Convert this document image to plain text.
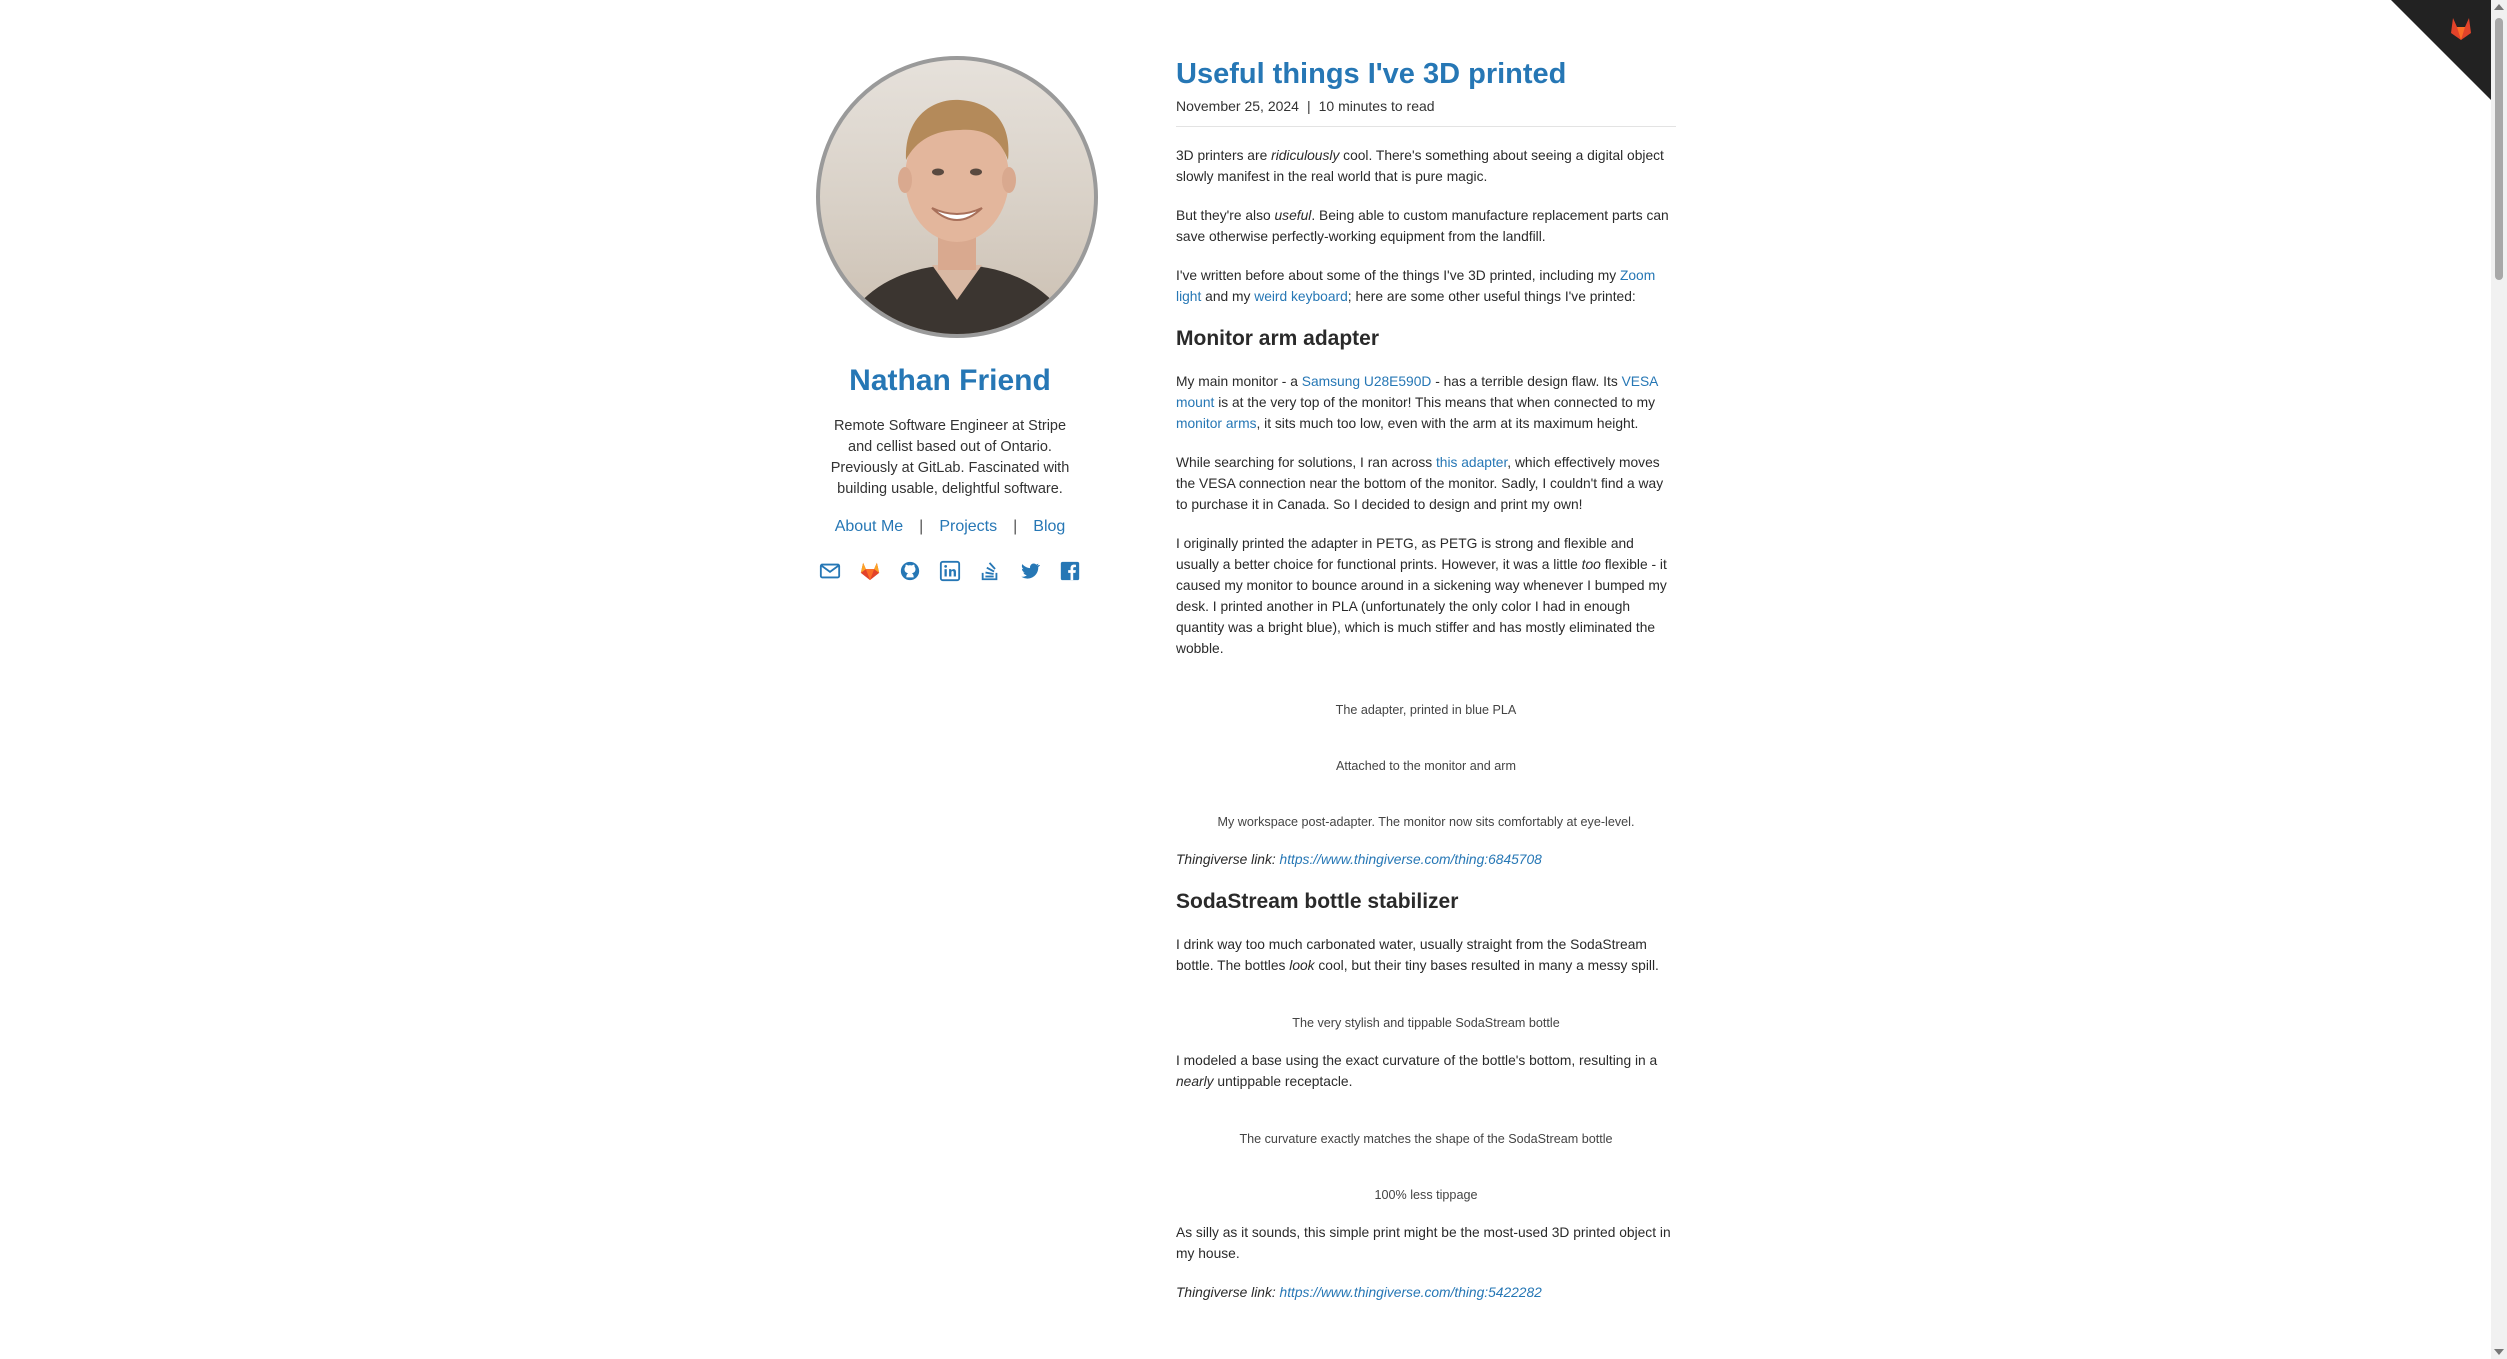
Nathan Friend
Remote Software Engineer at Stripe and cellist based out of Ontario. Previously at GitLab. Fascinated with building usable, delightful software.
About Me | Projects | Blog
Useful things I've 3D printed
November 25, 2024 | 10 minutes to read

3D printers are ridiculously cool. There's something about seeing a digital object slowly manifest in the real world that is pure magic.

But they're also useful. Being able to custom manufacture replacement parts can save otherwise perfectly-working equipment from the landfill.

I've written before about some of the things I've 3D printed, including my Zoom light and my weird keyboard; here are some other useful things I've printed:

Monitor arm adapter

My main monitor - a Samsung U28E590D - has a terrible design flaw. Its VESA mount is at the very top of the monitor! This means that when connected to my monitor arms, it sits much too low, even with the arm at its maximum height.

While searching for solutions, I ran across this adapter, which effectively moves the VESA connection near the bottom of the monitor. Sadly, I couldn't find a way to purchase it in Canada. So I decided to design and print my own!

I originally printed the adapter in PETG, as PETG is strong and flexible and usually a better choice for functional prints. However, it was a little too flexible - it caused my monitor to bounce around in a sickening way whenever I bumped my desk. I printed another in PLA (unfortunately the only color I had in enough quantity was a bright blue), which is much stiffer and has mostly eliminated the wobble.

The adapter, printed in blue PLA
Attached to the monitor and arm
My workspace post-adapter. The monitor now sits comfortably at eye-level.

Thingiverse link: https://www.thingiverse.com/thing:6845708

SodaStream bottle stabilizer

I drink way too much carbonated water, usually straight from the SodaStream bottle. The bottles look cool, but their tiny bases resulted in many a messy spill.

The very stylish and tippable SodaStream bottle

I modeled a base using the exact curvature of the bottle's bottom, resulting in a nearly untippable receptacle.

The curvature exactly matches the shape of the SodaStream bottle
100% less tippage

As silly as it sounds, this simple print might be the most-used 3D printed object in my house.

Thingiverse link: https://www.thingiverse.com/thing:5422282
